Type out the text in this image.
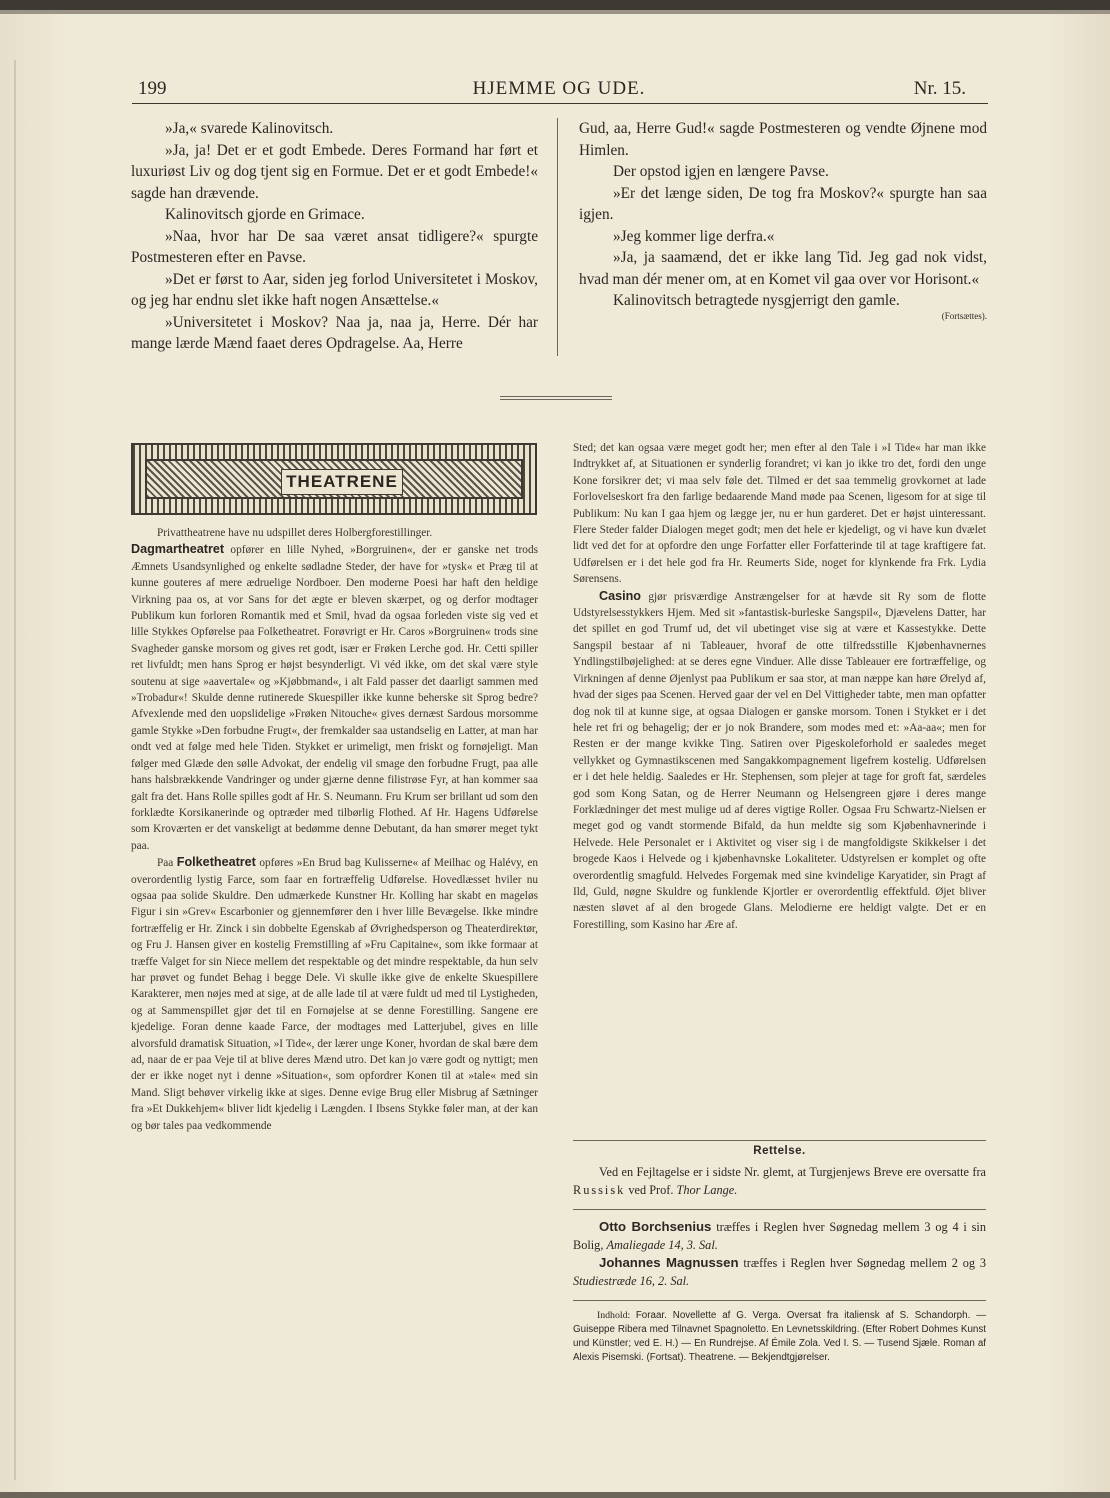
199	HJEMME OG UDE.	Nr. 15.

»Ja,« svarede Kalinovitsch.

»Ja, ja! Det er et godt Embede. Deres Formand har ført et luxuriøst Liv og dog tjent sig en Formue. Det er et godt Embede!« sagde han drævende.

Kalinovitsch gjorde en Grimace.

»Naa, hvor har De saa været ansat tidligere?« spurgte Postmesteren efter en Pavse.

»Det er først to Aar, siden jeg forlod Universitetet i Moskov, og jeg har endnu slet ikke haft nogen Ansættelse.«

»Universitetet i Moskov? Naa ja, naa ja, Herre. Dér har mange lærde Mænd faaet deres Opdragelse. Aa, Herre

Gud, aa, Herre Gud!« sagde Postmesteren og vendte Øjnene mod Himlen.

Der opstod igjen en længere Pavse.

»Er det længe siden, De tog fra Moskov?« spurgte han saa igjen.

»Jeg kommer lige derfra.«

»Ja, ja saamænd, det er ikke lang Tid. Jeg gad nok vidst, hvad man dér mener om, at en Komet vil gaa over vor Horisont.«

Kalinovitsch betragtede nysgjerrigt den gamle.

(Fortsættes).
THEATRENE

Privattheatrene have nu udspillet deres Holbergforestillinger.

Dagmartheatret opfører en lille Nyhed, »Borgruinen«, der er ganske net trods Æmnets Usandsynlighed og enkelte sødladne Steder, der have for »tysk« et Præg til at kunne gouteres af mere ædruelige Nordboer. Den moderne Poesi har haft den heldige Virkning paa os, at vor Sans for det ægte er bleven skærpet, og og derfor modtager Publikum kun forloren Romantik med et Smil, hvad da ogsaa forleden viste sig ved et lille Stykkes Opførelse paa Folketheatret. Forøvrigt er Hr. Caros »Borgruinen« trods sine Svagheder ganske morsom og gives ret godt, især er Frøken Lerche god. Hr. Cetti spiller ret livfuldt; men hans Sprog er højst besynderligt. Vi véd ikke, om det skal være style soutenu at sige »aavertale« og »Kjøbbmand«, i alt Fald passer det daarligt sammen med »Trobadur«! Skulde denne rutinerede Skuespiller ikke kunne beherske sit Sprog bedre? Afvexlende med den uopslidelige »Frøken Nitouche« gives dernæst Sardous morsomme gamle Stykke »Den forbudne Frugt«, der fremkalder saa ustandselig en Latter, at man har ondt ved at følge med hele Tiden. Stykket er urimeligt, men friskt og fornøjeligt. Man følger med Glæde den sølle Advokat, der endelig vil smage den forbudne Frugt, paa alle hans halsbrækkende Vandringer og under gjærne denne filistrøse Fyr, at han kommer saa galt fra det. Hans Rolle spilles godt af Hr. S. Neumann. Fru Krum ser brillant ud som den forklædte Korsikanerinde og optræder med tilbørlig Flothed. Af Hr. Hagens Udførelse som Kroværten er det vanskeligt at bedømme denne Debutant, da han smører meget tykt paa.

Paa Folketheatret opføres »En Brud bag Kulisserne« af Meilhac og Halévy, en overordentlig lystig Farce, som faar en fortræffelig Udførelse. Hovedlæsset hviler nu ogsaa paa solide Skuldre. Den udmærkede Kunstner Hr. Kolling har skabt en mageløs Figur i sin »Grev« Escarbonier og gjennemfører den i hver lille Bevægelse. Ikke mindre fortræffelig er Hr. Zinck i sin dobbelte Egenskab af Øvrighedsperson og Theaterdirektør, og Fru J. Hansen giver en kostelig Fremstilling af »Fru Capitaine«, som ikke formaar at træffe Valget for sin Niece mellem det respektable og det mindre respektable, da hun selv har prøvet og fundet Behag i begge Dele. Vi skulle ikke give de enkelte Skuespillere Karakterer, men nøjes med at sige, at de alle lade til at være fuldt ud med til Lystigheden, og at Sammenspillet gjør det til en Fornøjelse at se denne Forestilling. Sangene ere kjedelige. Foran denne kaade Farce, der modtages med Latterjubel, gives en lille alvorsfuld dramatisk Situation, »I Tide«, der lærer unge Koner, hvordan de skal bære dem ad, naar de er paa Veje til at blive deres Mænd utro. Det kan jo være godt og nyttigt; men der er ikke noget nyt i denne »Situation«, som opfordrer Konen til at »tale« med sin Mand. Sligt behøver virkelig ikke at siges. Denne evige Brug eller Misbrug af Sætninger fra »Et Dukkehjem« bliver lidt kjedelig i Længden. I Ibsens Stykke føler man, at der kan og bør tales paa vedkommende

Sted; det kan ogsaa være meget godt her; men efter al den Tale i »I Tide« har man ikke Indtrykket af, at Situationen er synderlig forandret; vi kan jo ikke tro det, fordi den unge Kone forsikrer det; vi maa selv føle det. Tilmed er det saa temmelig grovkornet at lade Forlovelseskort fra den farlige bedaarende Mand møde paa Scenen, ligesom for at sige til Publikum: Nu kan I gaa hjem og lægge jer, nu er hun garderet. Det er højst uinteressant. Flere Steder falder Dialogen meget godt; men det hele er kjedeligt, og vi have kun dvælet lidt ved det for at opfordre den unge Forfatter eller Forfatterinde til at tage kraftigere fat. Udførelsen er i det hele god fra Hr. Reumerts Side, noget for klynkende fra Frk. Lydia Sørensens.

Casino gjør prisværdige Anstrængelser for at hævde sit Ry som de flotte Udstyrelsesstykkers Hjem. Med sit »fantastisk-burleske Sangspil«, Djævelens Datter, har det spillet en god Trumf ud, det vil ubetinget vise sig at være et Kassestykke. Dette Sangspil bestaar af ni Tableauer, hvoraf de otte tilfredsstille Kjøbenhavnernes Yndlingstilbøjelighed: at se deres egne Vinduer. Alle disse Tableauer ere fortræffelige, og Virkningen af denne Øjenlyst paa Publikum er saa stor, at man næppe kan høre Ørelyd af, hvad der siges paa Scenen. Herved gaar der vel en Del Vittigheder tabte, men man opfatter dog nok til at kunne sige, at ogsaa Dialogen er ganske morsom. Tonen i Stykket er i det hele ret fri og behagelig; der er jo nok Brandere, som modes med et: »Aa-aa«; men for Resten er der mange kvikke Ting. Satiren over Pigeskoleforhold er saaledes meget vellykket og Gymnastikscenen med Sangakkompagnement ligefrem kostelig. Udførelsen er i det hele heldig. Saaledes er Hr. Stephensen, som plejer at tage for groft fat, særdeles god som Kong Satan, og de Herrer Neumann og Helsengreen gjøre i deres mange Forklædninger det mest mulige ud af deres vigtige Roller. Ogsaa Fru Schwartz-Nielsen er meget god og vandt stormende Bifald, da hun meldte sig som Kjøbenhavnerinde i Helvede. Hele Personalet er i Aktivitet og viser sig i de mangfoldigste Skikkelser i det brogede Kaos i Helvede og i kjøbenhavnske Lokaliteter. Udstyrelsen er komplet og ofte overordentlig smagfuld. Helvedes Forgemak med sine kvindelige Karyatider, sin Pragt af Ild, Guld, nøgne Skuldre og funklende Kjortler er overordentlig effektfuld. Øjet bliver næsten sløvet af al den brogede Glans. Melodierne ere heldigt valgte. Det er en Forestilling, som Kasino har Ære af.

Rettelse.

Ved en Fejltagelse er i sidste Nr. glemt, at Turgjenjews Breve ere oversatte fra Russisk ved Prof. Thor Lange.

Otto Borchsenius træffes i Reglen hver Søgnedag mellem 3 og 4 i sin Bolig, Amaliegade 14, 3. Sal.

Johannes Magnussen træffes i Reglen hver Søgnedag mellem 2 og 3 Studiestræde 16, 2. Sal.

Indhold: Foraar. Novellette af G. Verga. Oversat fra italiensk af S. Schandorph. — Guiseppe Ribera med Tilnavnet Spagnoletto. En Levnetsskildring. (Efter Robert Dohmes Kunst und Künstler; ved E. H.) — En Rundrejse. Af Émile Zola. Ved I. S. — Tusend Sjæle. Roman af Alexis Pisemski. (Fortsat). Theatrene. — Bekjendtgjørelser.
